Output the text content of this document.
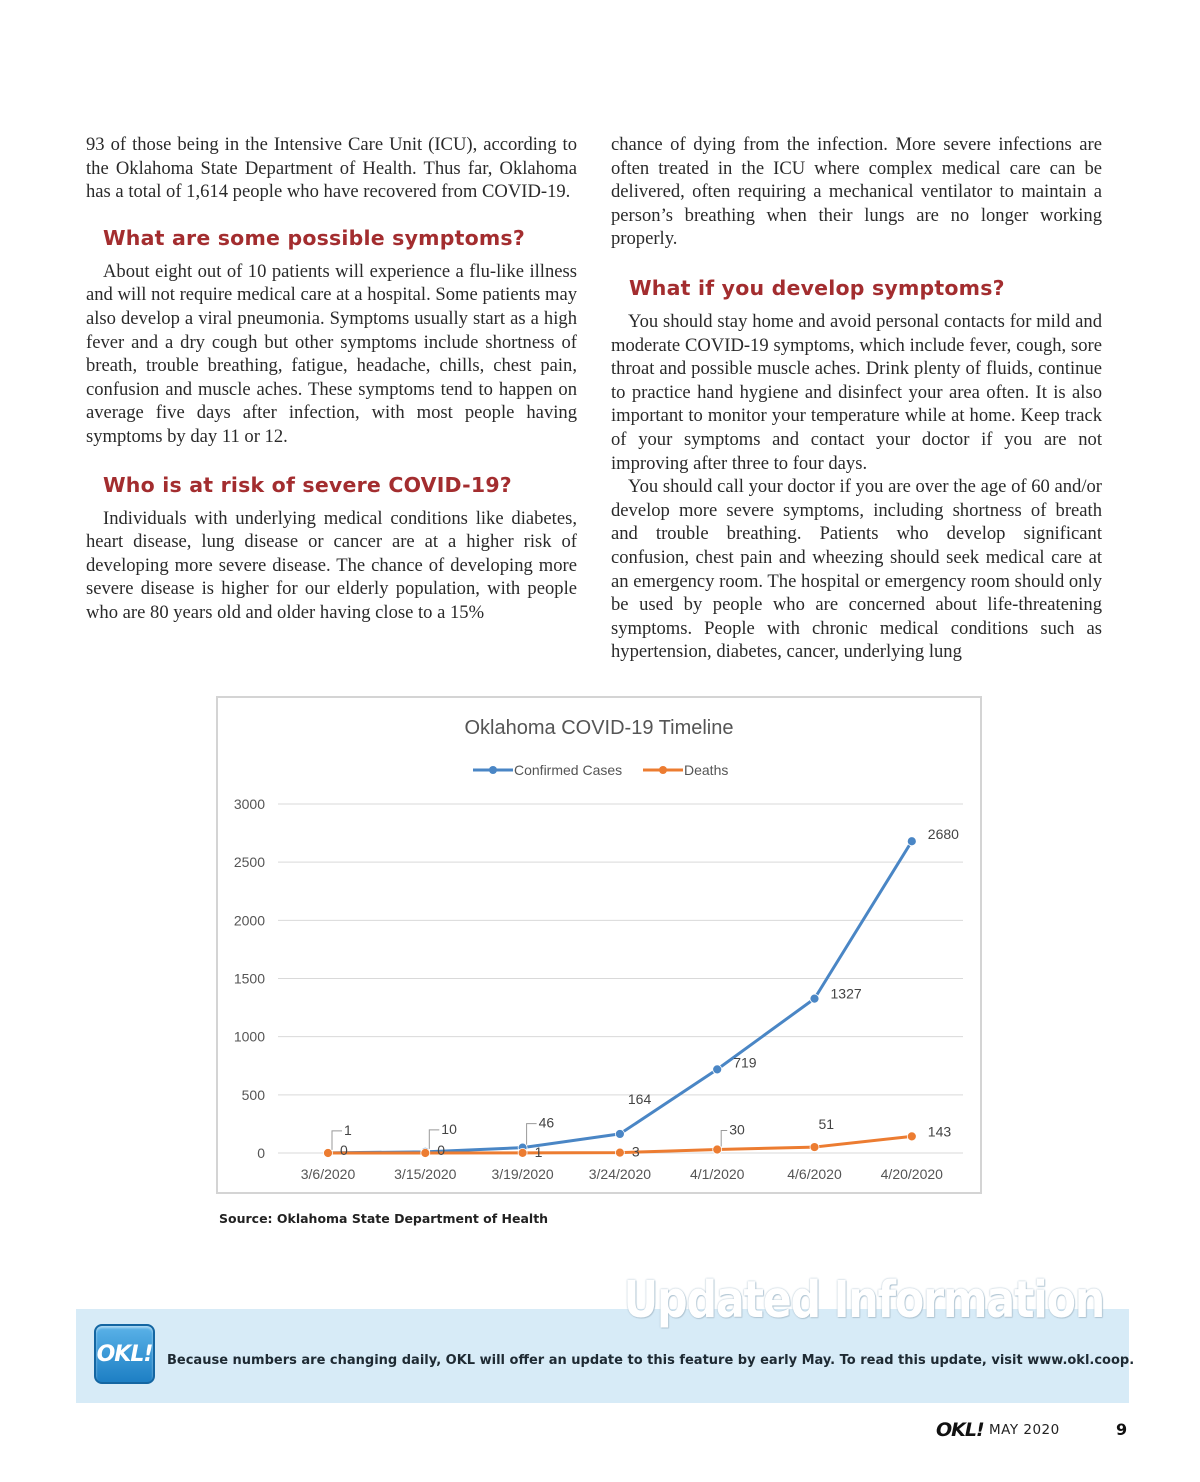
93 of those being in the Intensive Care Unit (ICU), according to the Oklahoma State Department of Health. Thus far, Oklahoma has a total of 1,614 people who have recovered from COVID-19.

What are some possible symptoms?

About eight out of 10 patients will experience a flu-like illness and will not require medical care at a hospital. Some patients may also develop a viral pneumonia. Symptoms usually start as a high fever and a dry cough but other symptoms include shortness of breath, trouble breathing, fatigue, headache, chills, chest pain, confusion and muscle aches. These symptoms tend to happen on average five days after infection, with most people having symptoms by day 11 or 12.

Who is at risk of severe COVID-19?

Individuals with underlying medical conditions like diabetes, heart disease, lung disease or cancer are at a higher risk of developing more severe disease. The chance of developing more severe disease is higher for our elderly population, with people who are 80 years old and older having close to a 15%

chance of dying from the infection. More severe infections are often treated in the ICU where complex medical care can be delivered, often requiring a mechanical ventilator to maintain a person’s breathing when their lungs are no longer working properly.

What if you develop symptoms?

You should stay home and avoid personal contacts for mild and moderate COVID-19 symptoms, which include fever, cough, sore throat and possible muscle aches. Drink plenty of fluids, continue to practice hand hygiene and disinfect your area often. It is also important to monitor your temperature while at home. Keep track of your symptoms and contact your doctor if you are not improving after three to four days.

You should call your doctor if you are over the age of 60 and/or develop more severe symptoms, including shortness of breath and trouble breathing. Patients who develop significant confusion, chest pain and wheezing should seek medical care at an emergency room. The hospital or emergency room should only be used by people who are concerned about life-threatening symptoms. People with chronic medical conditions such as hypertension, diabetes, cancer, underlying lung

Oklahoma COVID-19 Timeline
Confirmed Cases	Deaths
0
500
1000
1500
2000
2500
3000
3/6/2020	3/15/2020	3/19/2020	3/24/2020	4/1/2020	4/6/2020	4/20/2020
1	10	46
164
719
1327
2680
0	0	1	3
30	51	143

Source: Oklahoma State Department of Health

Updated Information

OKL! Because numbers are changing daily, OKL will offer an update to this feature by early May. To read this update, visit www.okl.coop.

OKL! MAY 2020	9
